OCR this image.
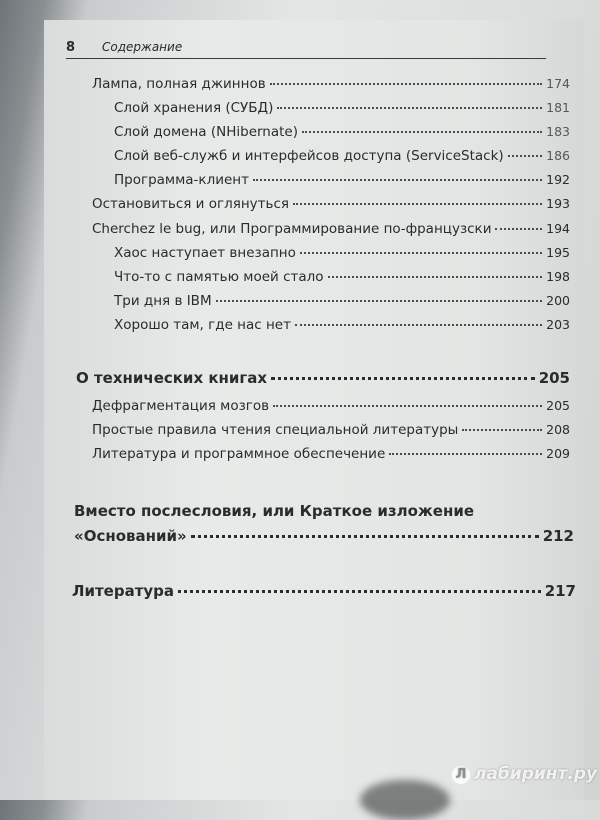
8 Содержание
Лампа, полная джиннов	174
Слой хранения (СУБД)	181
Слой домена (NHibernate)	183
Слой веб-служб и интерфейсов доступа (ServiceStack)	186
Программа-клиент	192
Остановиться и оглянуться	193
Cherchez le bug, или Программирование по-французски	194
Хаос наступает внезапно	195
Что-то с памятью моей стало	198
Три дня в IBM	200
Хорошо там, где нас нет	203
О технических книгах	205
Дефрагментация мозгов	205
Простые правила чтения специальной литературы	208
Литература и программное обеспечение	209
Вместо послесловия, или Краткое изложение
«Оснований»	212
Литература	217
Л лабиринт.ру
